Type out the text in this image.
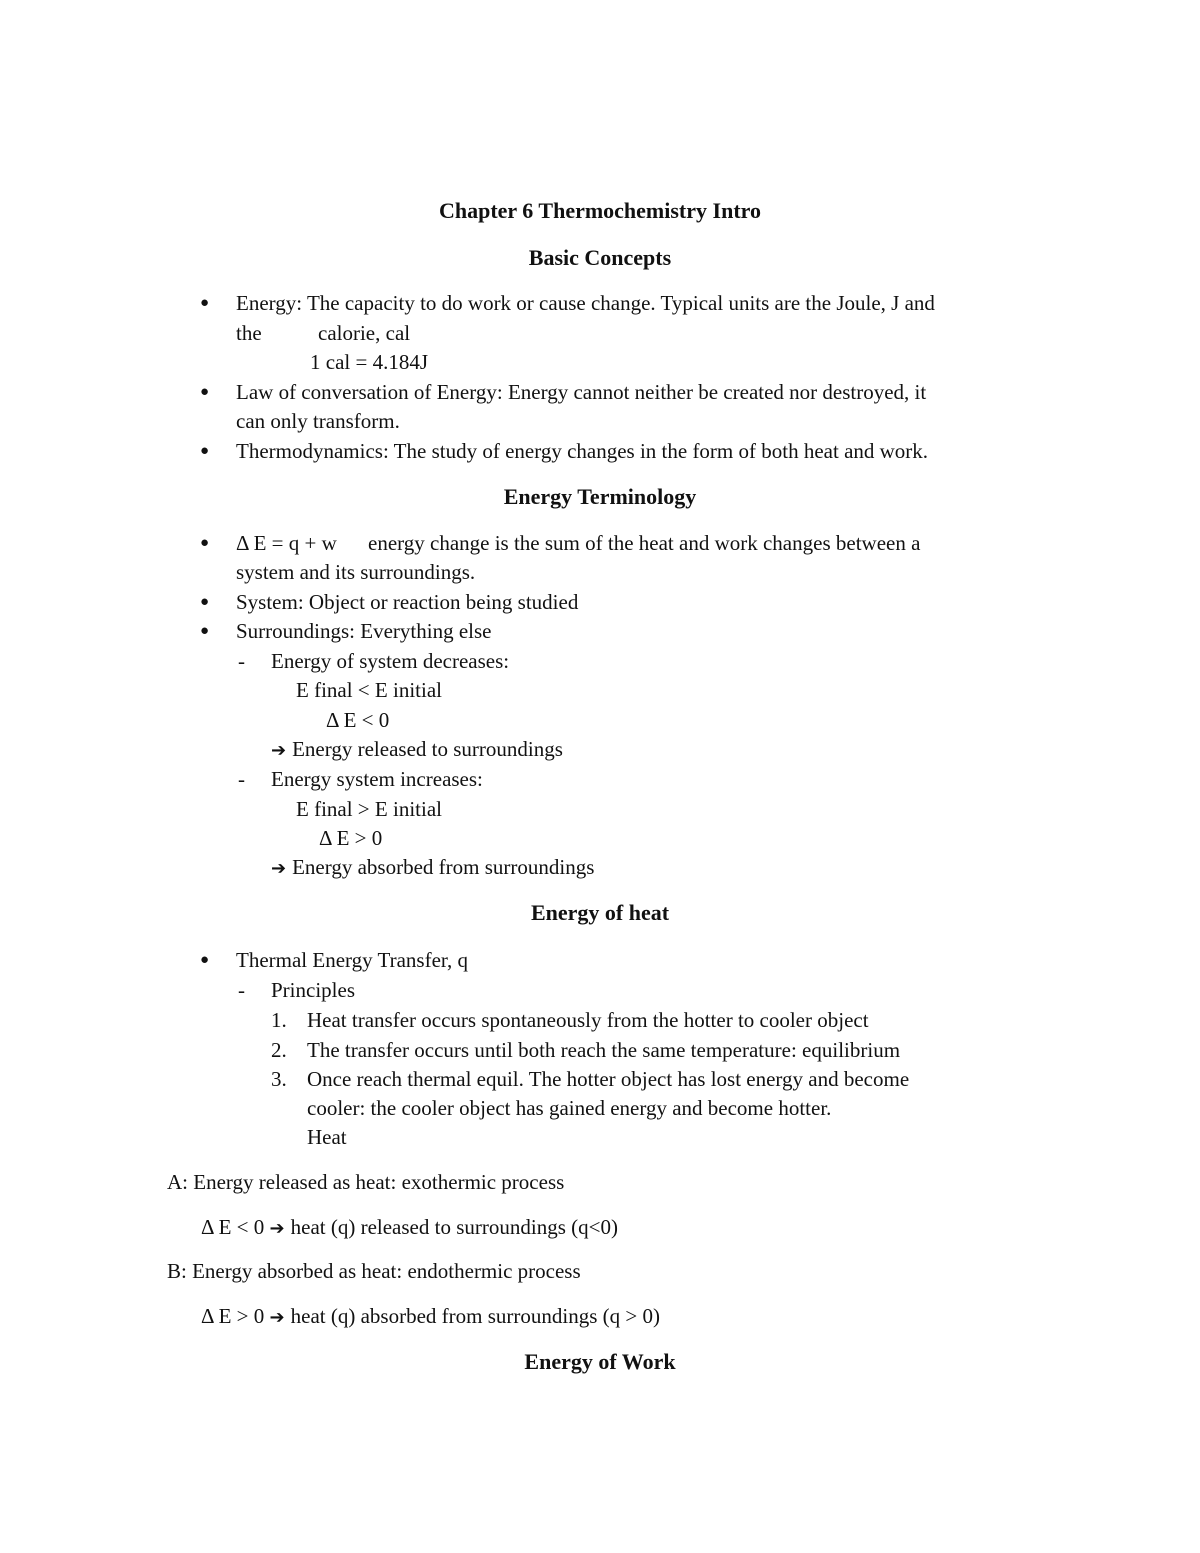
Chapter 6 Thermochemistry Intro
Basic Concepts
● Energy: The capacity to do work or cause change. Typical units are the Joule, J and
the	calorie, cal
1 cal = 4.184J
● Law of conversation of Energy: Energy cannot neither be created nor destroyed, it
can only transform.
● Thermodynamics: The study of energy changes in the form of both heat and work.
Energy Terminology
● Δ E = q + w energy change is the sum of the heat and work changes between a
system and its surroundings.
● System: Object or reaction being studied
● Surroundings: Everything else
- Energy of system decreases:
E final < E initial
Δ E < 0
➔ Energy released to surroundings
- Energy system increases:
E final > E initial
Δ E > 0
➔ Energy absorbed from surroundings
Energy of heat
● Thermal Energy Transfer, q
- Principles
1. Heat transfer occurs spontaneously from the hotter to cooler object
2. The transfer occurs until both reach the same temperature: equilibrium
3. Once reach thermal equil. The hotter object has lost energy and become
cooler: the cooler object has gained energy and become hotter.
Heat
A: Energy released as heat: exothermic process
Δ E < 0 ➔ heat (q) released to surroundings (q<0)
B: Energy absorbed as heat: endothermic process
Δ E > 0 ➔ heat (q) absorbed from surroundings (q > 0)
Energy of Work
